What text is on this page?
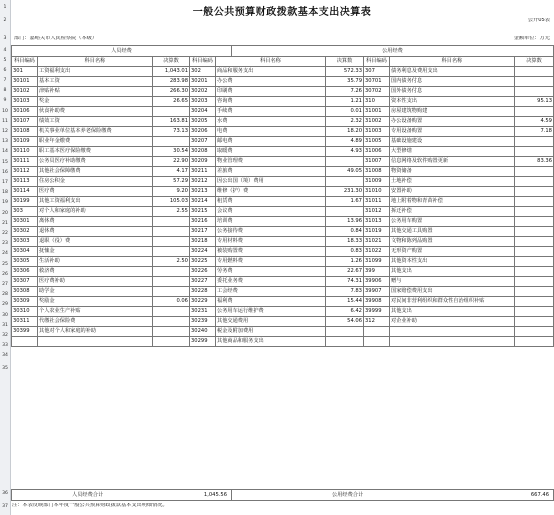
1
2
3
4
5
6
7
8
9
10
11
12
13
14
15
16
17
18
19
20
21
22
23
24
25
26
27
28
29
30
31
32
33
34
35
36
37
一般公共预算财政拨款基本支出决算表
公开05表
部门：嘉峪关市人民检察院（本级）	金额单位：万元
人员经费	公用经费
科目编码	科目名称	决算数	科目编码	科目名称	决算数	科目编码	科目名称	决算数
301	工资福利支出	1,043.01	302	商品和服务支出	572.33	307	债务利息及费用支出	
30101	基本工资	283.98	30201	办公费	35.79	30701	国内债务付息	
30102	津贴补贴	266.30	30202	印刷费	7.26	30702	国外债务付息	
30103	奖金	26.65	30203	咨询费	1.21	310	资本性支出	95.13
30106	伙食补助费		30204	手续费	0.01	31001	房屋建筑物购建	
30107	绩效工资	163.81	30205	水费	2.32	31002	办公设备购置	4.59
30108	机关事业单位基本养老保险缴费	73.13	30206	电费	18.20	31003	专用设备购置	7.18
30109	职业年金缴费		30207	邮电费	4.89	31005	基础设施建设	
30110	职工基本医疗保险缴费	30.54	30208	取暖费	4.93	31006	大型修缮	
30111	公务员医疗补助缴费	22.90	30209	物业管理费		31007	信息网络及软件购置更新	83.36
30112	其他社会保障缴费	4.17	30211	差旅费	49.05	31008	物资储备	
30113	住房公积金	57.29	30212	因公出国（境）费用		31009	土地补偿	
30114	医疗费	9.20	30213	维修（护）费	231.30	31010	安置补助	
30199	其他工资福利支出	105.03	30214	租赁费	1.67	31011	地上附着物和青苗补偿	
303	对个人和家庭的补助	2.55	30215	会议费		31012	拆迁补偿	
30301	离休费		30216	培训费	13.96	31013	公务用车购置	
30302	退休费		30217	公务接待费	0.84	31019	其他交通工具购置	
30303	退职（役）费		30218	专用材料费	18.33	31021	文物和陈列品购置	
30304	抚恤金		30224	被装购置费	0.83	31022	无形资产购置	
30305	生活补助	2.50	30225	专用燃料费	1.26	31099	其他资本性支出	
30306	救济费		30226	劳务费	22.67	399	其他支出	
30307	医疗费补助		30227	委托业务费	74.31	39906	赠与	
30308	助学金		30228	工会经费	7.83	39907	国家赔偿费用支出	
30309	奖励金	0.06	30229	福利费	15.44	39908	对民间非营利组织和群众性自治组织补贴	
30310	个人农业生产补贴		30231	公务用车运行维护费	6.42	39999	其他支出	
30311	代缴社会保险费		30239	其他交通费用	54.06	312	对企业补助	
30399	其他对个人和家庭的补助		30240	税金及附加费用				
			30299	其他商品和服务支出				
人员经费合计	1,045.56	公用经费合计	667.46
注：本表反映部门本年度一般公共预算财政拨款基本支出明细情况。
